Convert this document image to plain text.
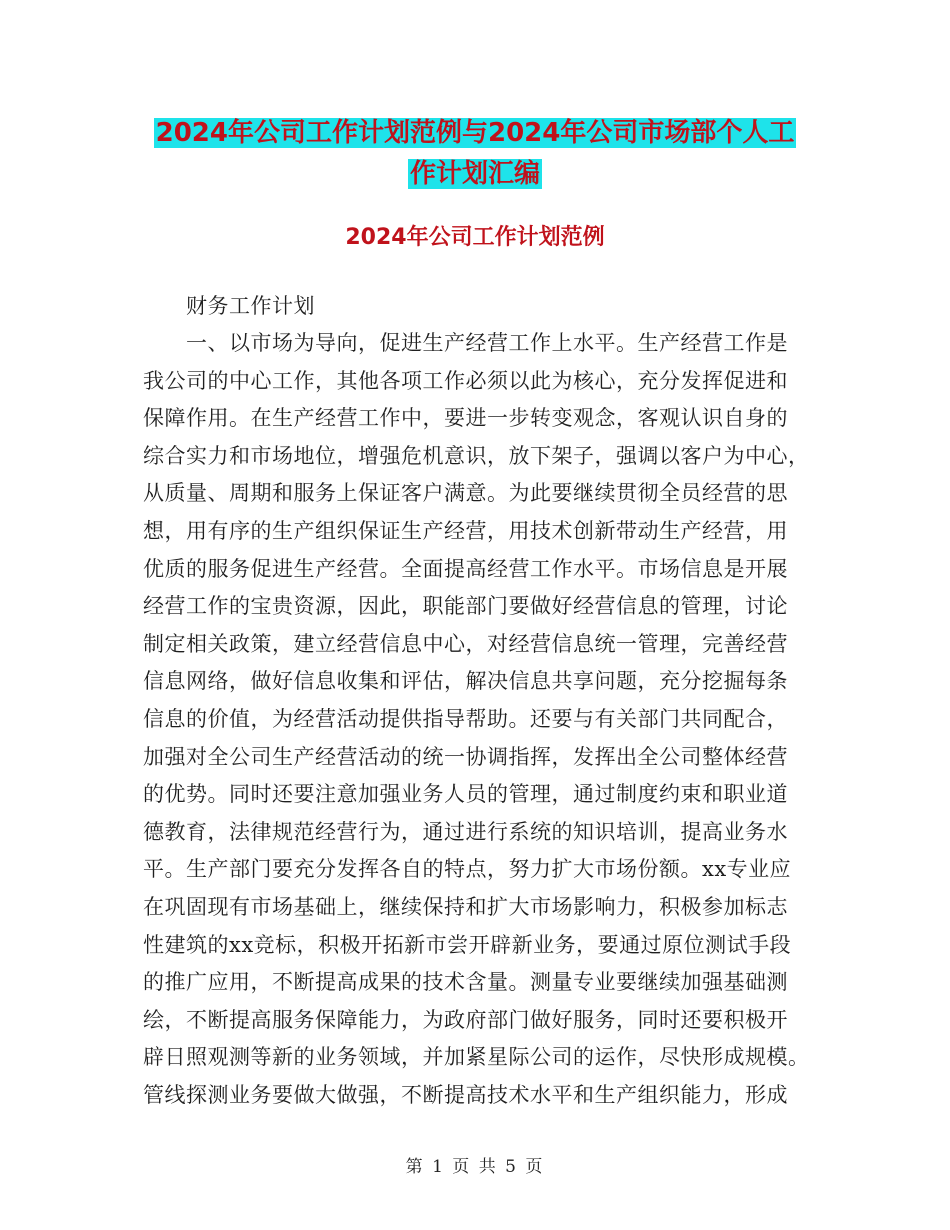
2024年公司工作计划范例与2024年公司市场部个人工
作计划汇编
2024年公司工作计划范例
财务工作计划
一、以市场为导向，促进生产经营工作上水平。生产经营工作是
我公司的中心工作，其他各项工作必须以此为核心，充分发挥促进和
保障作用。在生产经营工作中，要进一步转变观念，客观认识自身的
综合实力和市场地位，增强危机意识，放下架子，强调以客户为中心，
从质量、周期和服务上保证客户满意。为此要继续贯彻全员经营的思
想，用有序的生产组织保证生产经营，用技术创新带动生产经营，用
优质的服务促进生产经营。全面提高经营工作水平。市场信息是开展
经营工作的宝贵资源，因此，职能部门要做好经营信息的管理，讨论
制定相关政策，建立经营信息中心，对经营信息统一管理，完善经营
信息网络，做好信息收集和评估，解决信息共享问题，充分挖掘每条
信息的价值，为经营活动提供指导帮助。还要与有关部门共同配合，
加强对全公司生产经营活动的统一协调指挥，发挥出全公司整体经营
的优势。同时还要注意加强业务人员的管理，通过制度约束和职业道
德教育，法律规范经营行为，通过进行系统的知识培训，提高业务水
平。生产部门要充分发挥各自的特点，努力扩大市场份额。xx专业应
在巩固现有市场基础上，继续保持和扩大市场影响力，积极参加标志
性建筑的xx竞标，积极开拓新市尝开辟新业务，要通过原位测试手段
的推广应用，不断提高成果的技术含量。测量专业要继续加强基础测
绘，不断提高服务保障能力，为政府部门做好服务，同时还要积极开
辟日照观测等新的业务领域，并加紧星际公司的运作，尽快形成规模。
管线探测业务要做大做强，不断提高技术水平和生产组织能力，形成
第 1 页 共 5 页
